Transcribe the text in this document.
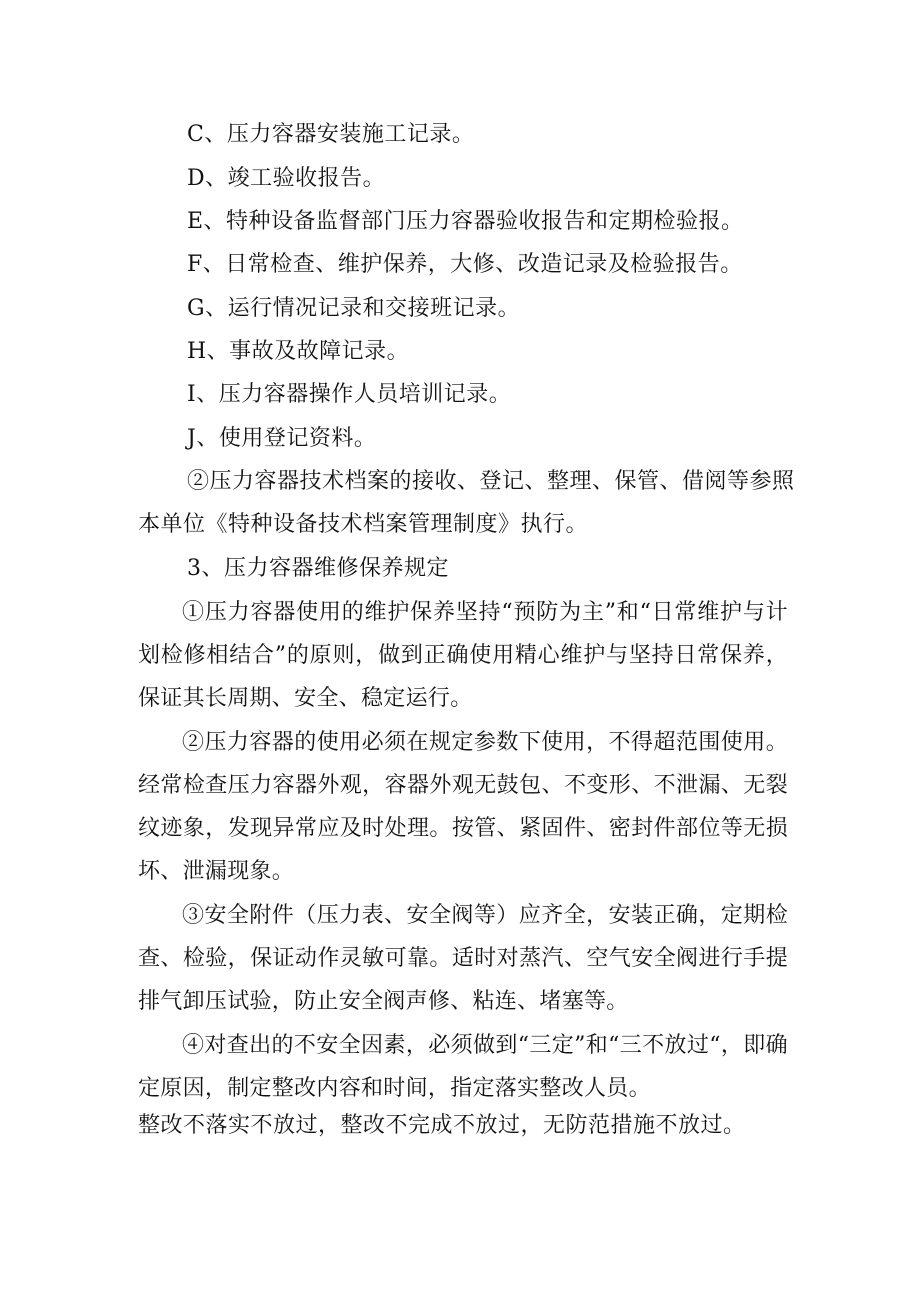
C、压力容器安装施工记录。
D、竣工验收报告。
E、特种设备监督部门压力容器验收报告和定期检验报。
F、日常检查、维护保养，大修、改造记录及检验报告。
G、运行情况记录和交接班记录。
H、事故及故障记录。
I、压力容器操作人员培训记录。
J、使用登记资料。
②压力容器技术档案的接收、登记、整理、保管、借阅等参照
本单位《特种设备技术档案管理制度》执行。
3、压力容器维修保养规定
①压力容器使用的维护保养坚持“预防为主”和“日常维护与计划检修相结合”的原则，做到正确使用精心维护与坚持日常保养，保证其长周期、安全、稳定运行。
②压力容器的使用必须在规定参数下使用，不得超范围使用。经常检查压力容器外观，容器外观无鼓包、不变形、不泄漏、无裂纹迹象，发现异常应及时处理。按管、紧固件、密封件部位等无损坏、泄漏现象。
③安全附件（压力表、安全阀等）应齐全，安装正确，定期检查、检验，保证动作灵敏可靠。适时对蒸汽、空气安全阀进行手提排气卸压试验，防止安全阀声修、粘连、堵塞等。
④对查出的不安全因素，必须做到“三定”和“三不放过“，即确定原因，制定整改内容和时间，指定落实整改人员。
整改不落实不放过，整改不完成不放过，无防范措施不放过。
